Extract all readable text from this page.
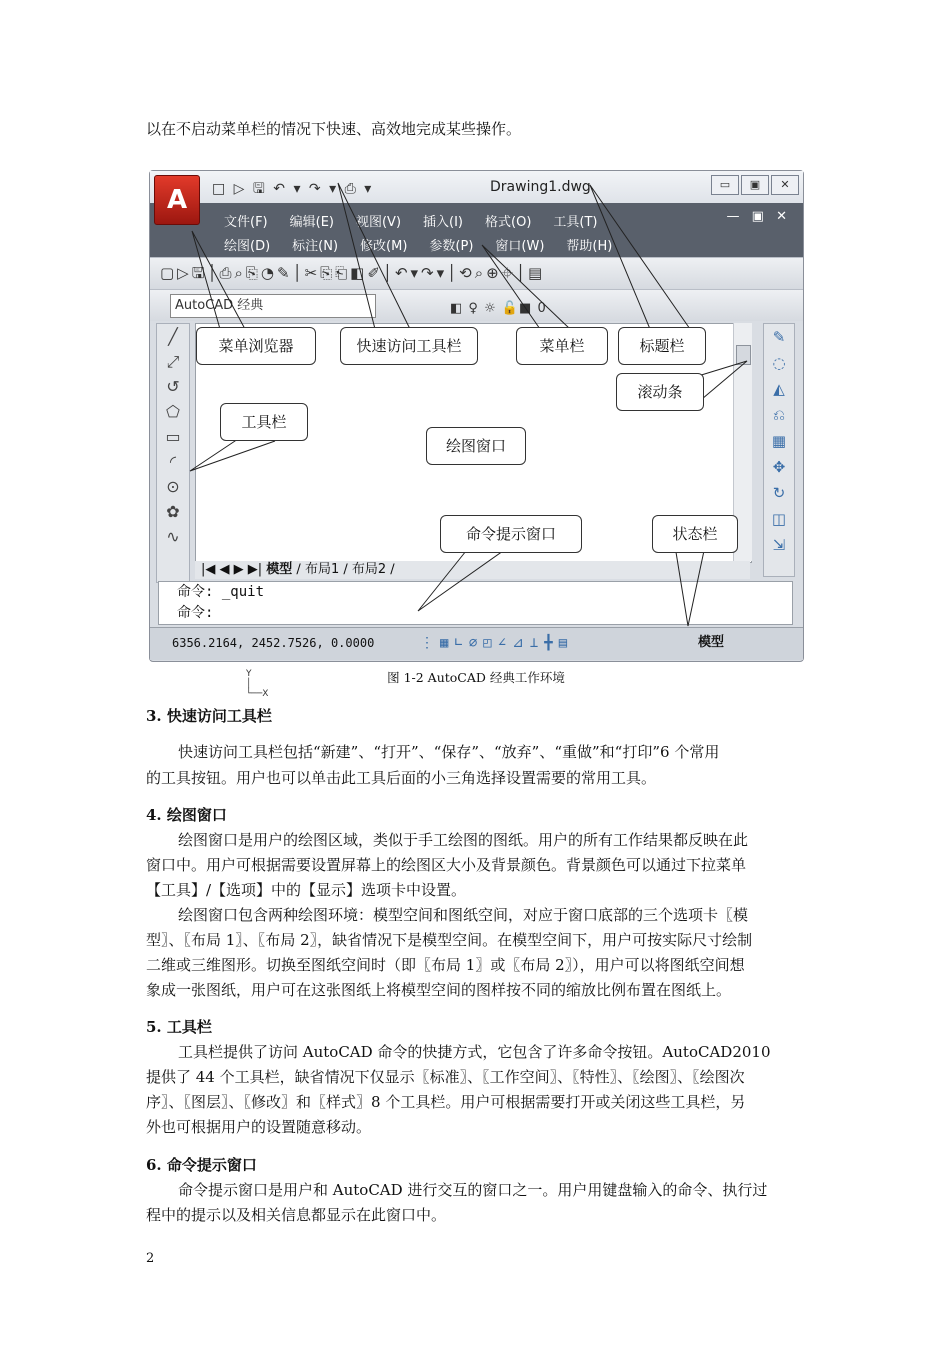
以在不启动菜单栏的情况下快速、高效地完成某些操作。
□ ▷ 🖫 ↶ ▾ ↷ ▾ ⎙ ▾	Drawing1.dwg	▭ ▣ ✕
A
文件(F) 编辑(E) 视图(V) 插入(I) 格式(O) 工具(T)
绘图(D) 标注(N) 修改(M) 参数(P) 窗口(W) 帮助(H)
— ▣ ✕
▢▷🖫│⎙⌕⎘◔✎│✂⎘⎗◧✐│↶▾↷▾│⟲⌕⊕⌖│▤
AutoCAD 经典	◧ ♀ ☼ 🔓■ 0
╱
⤢
↺
⬠
▭
◜
⊙
✿
∿
Y
│
└──X
✎
◌
◭
⎌
▦
✥
↻
◫
⇲
|◀ ◀ ▶ ▶| 模型 ∕ 布局1 ∕ 布局2 ∕
命令: _quit
命令:
6356.2164, 2452.7526, 0.0000	⋮▦∟⌀◰∠⊿⊥╋▤	模型
菜单浏览器	快速访问工具栏	菜单栏	标题栏
滚动条
工具栏
绘图窗口
命令提示窗口	状态栏
图 1-2 AutoCAD 经典工作环境
3. 快速访问工具栏
快速访问工具栏包括“新建”、“打开”、“保存”、“放弃”、“重做”和“打印”6 个常用
的工具按钮。用户也可以单击此工具后面的小三角选择设置需要的常用工具。
4. 绘图窗口
绘图窗口是用户的绘图区域，类似于手工绘图的图纸。用户的所有工作结果都反映在此
窗口中。用户可根据需要设置屏幕上的绘图区大小及背景颜色。背景颜色可以通过下拉菜单
【工具】/【选项】中的【显示】选项卡中设置。
绘图窗口包含两种绘图环境：模型空间和图纸空间，对应于窗口底部的三个选项卡〖模
型〗、〖布局 1〗、〖布局 2〗，缺省情况下是模型空间。在模型空间下，用户可按实际尺寸绘制
二维或三维图形。切换至图纸空间时（即〖布局 1〗或〖布局 2〗），用户可以将图纸空间想
象成一张图纸，用户可在这张图纸上将模型空间的图样按不同的缩放比例布置在图纸上。
5. 工具栏
工具栏提供了访问 AutoCAD 命令的快捷方式，它包含了许多命令按钮。AutoCAD2010
提供了 44 个工具栏，缺省情况下仅显示〖标准〗、〖工作空间〗、〖特性〗、〖绘图〗、〖绘图次
序〗、〖图层〗、〖修改〗和〖样式〗8 个工具栏。用户可根据需要打开或关闭这些工具栏，另
外也可根据用户的设置随意移动。
6. 命令提示窗口
命令提示窗口是用户和 AutoCAD 进行交互的窗口之一。用户用键盘输入的命令、执行过
程中的提示以及相关信息都显示在此窗口中。
2
